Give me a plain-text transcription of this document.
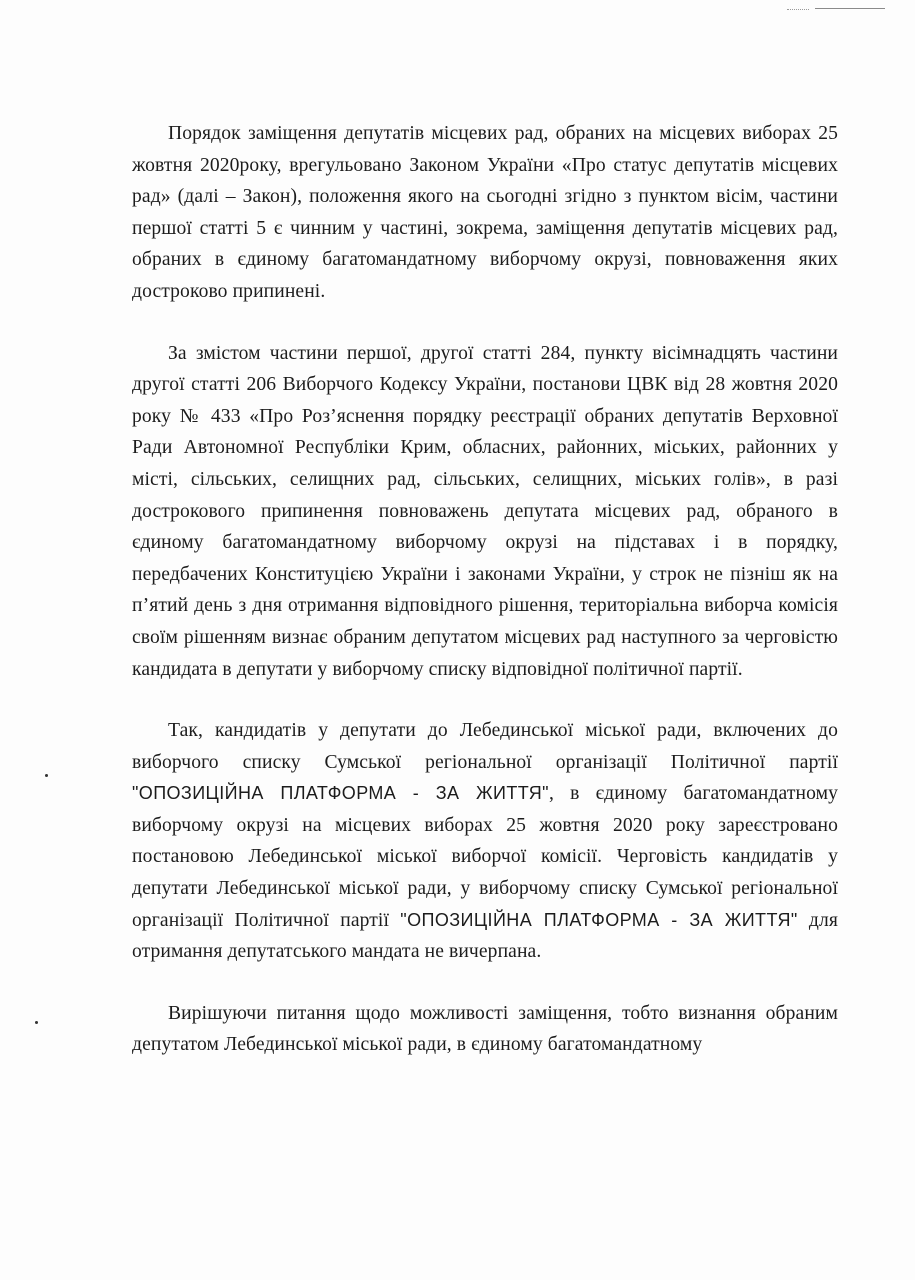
Порядок заміщення депутатів місцевих рад, обраних на місцевих виборах 25 жовтня 2020року, врегульовано Законом України «Про статус депутатів місцевих рад» (далі – Закон), положення якого на сьогодні згідно з пунктом вісім, частини першої статті 5 є чинним у частині, зокрема, заміщення депутатів місцевих рад, обраних в єдиному багатомандатному виборчому окрузі, повноваження яких достроково припинені.

За змістом частини першої, другої статті 284, пункту вісімнадцять частини другої статті 206 Виборчого Кодексу України, постанови ЦВК від 28 жовтня 2020 року № 433 «Про Роз’яснення порядку реєстрації обраних депутатів Верховної Ради Автономної Республіки Крим, обласних, районних, міських, районних у місті, сільських, селищних рад, сільських, селищних, міських голів», в разі дострокового припинення повноважень депутата місцевих рад, обраного в єдиному багатомандатному виборчому окрузі на підставах і в порядку, передбачених Конституцією України і законами України, у строк не пізніш як на п’ятий день з дня отримання відповідного рішення, територіальна виборча комісія своїм рішенням визнає обраним депутатом місцевих рад наступного за черговістю кандидата в депутати у виборчому списку відповідної політичної партії.

Так, кандидатів у депутати до Лебединської міської ради, включених до виборчого списку Сумської регіональної організації Політичної партії "ОПОЗИЦІЙНА ПЛАТФОРМА - ЗА ЖИТТЯ", в єдиному багатомандатному виборчому окрузі на місцевих виборах 25 жовтня 2020 року зареєстровано постановою Лебединської міської виборчої комісії. Черговість кандидатів у депутати Лебединської міської ради, у виборчому списку Сумської регіональної організації Політичної партії "ОПОЗИЦІЙНА ПЛАТФОРМА - ЗА ЖИТТЯ" для отримання депутатського мандата не вичерпана.

Вирішуючи питання щодо можливості заміщення, тобто визнання обраним депутатом Лебединської міської ради, в єдиному багатомандатному
